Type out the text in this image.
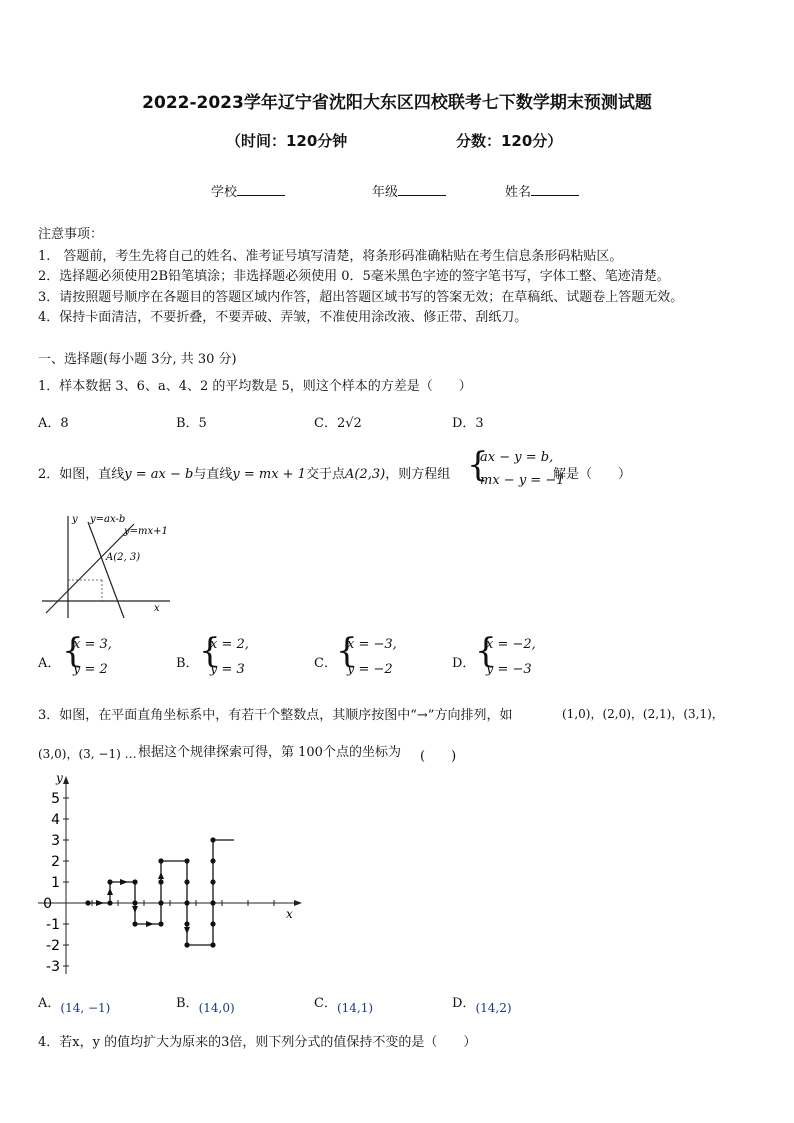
2022-2023学年辽宁省沈阳大东区四校联考七下数学期末预测试题
（时间：120分钟	分数：120分）
学校	年级	姓名
注意事项：
1.　答题前，考生先将自己的姓名、准考证号填写清楚，将条形码准确粘贴在考生信息条形码粘贴区。
2．选择题必须使用2B铅笔填涂；非选择题必须使用 0．5毫米黑色字迹的签字笔书写，字体工整、笔迹清楚。
3．请按照题号顺序在各题目的答题区域内作答，超出答题区域书写的答案无效；在草稿纸、试题卷上答题无效。
4．保持卡面清洁，不要折叠，不要弄破、弄皱，不准使用涂改液、修正带、刮纸刀。
一、选择题(每小题 3分, 共 30 分)
1．样本数据 3、6、a、4、2 的平均数是 5，则这个样本的方差是（　　）
A．8	B．5	C．2√2	D．3
2．如图，直线y = ax − b与直线y = mx + 1交于点A(2,3)，则方程组 {
ax − y = b,
mx − y = −1
解是（　　）
y y=ax-b
y=mx+1
A(2, 3)
x
A． {
x = 3,
y = 2	B． {
x = 2,
y = 3	C． {
x = −3,
y = −2	D． {
x = −2,
y = −3
3．如图，在平面直角坐标系中，有若干个整数点，其顺序按图中“→”方向排列，如	(1,0)，(2,0)，(2,1)，(3,1)，
(3,0)，(3, −1) … 根据这个规律探索可得，第 100个点的坐标为 (　　)
y
x
5
4
3
2
1
0
-1
-2
-3
A．(14, −1)	B．(14,0)	C．(14,1)	D．(14,2)
4．若x，y 的值均扩大为原来的3倍，则下列分式的值保持不变的是（　　）
